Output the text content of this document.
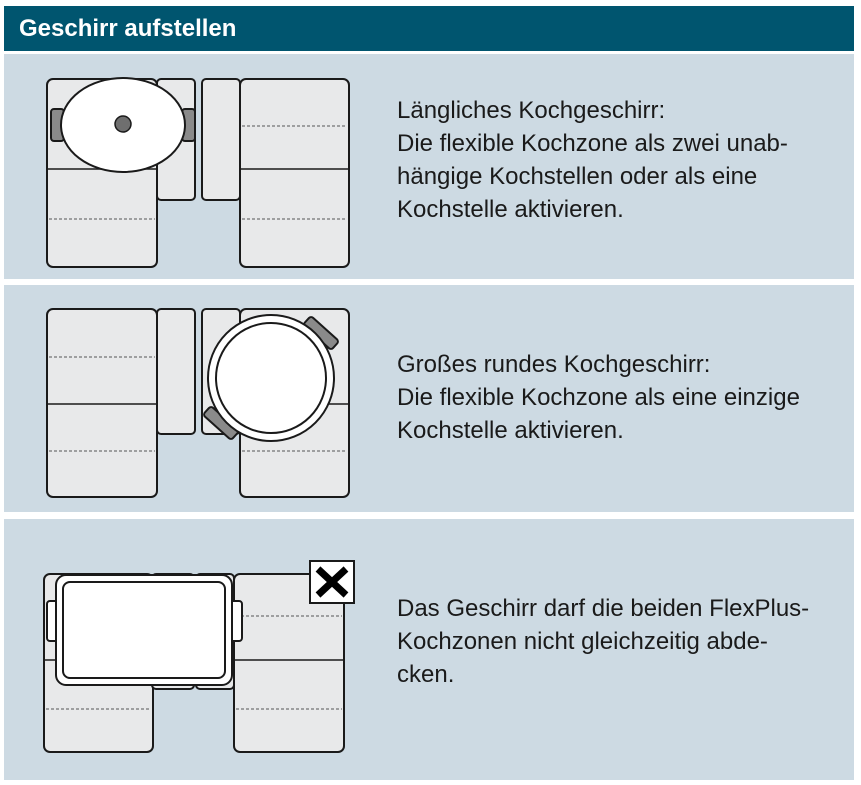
Geschirr aufstellen
Längliches Kochgeschirr:
Die flexible Kochzone als zwei unab-
hängige Kochstellen oder als eine
Kochstelle aktivieren.
Großes rundes Kochgeschirr:
Die flexible Kochzone als eine einzige
Kochstelle aktivieren.
Das Geschirr darf die beiden FlexPlus-
Kochzonen nicht gleichzeitig abde-
cken.
